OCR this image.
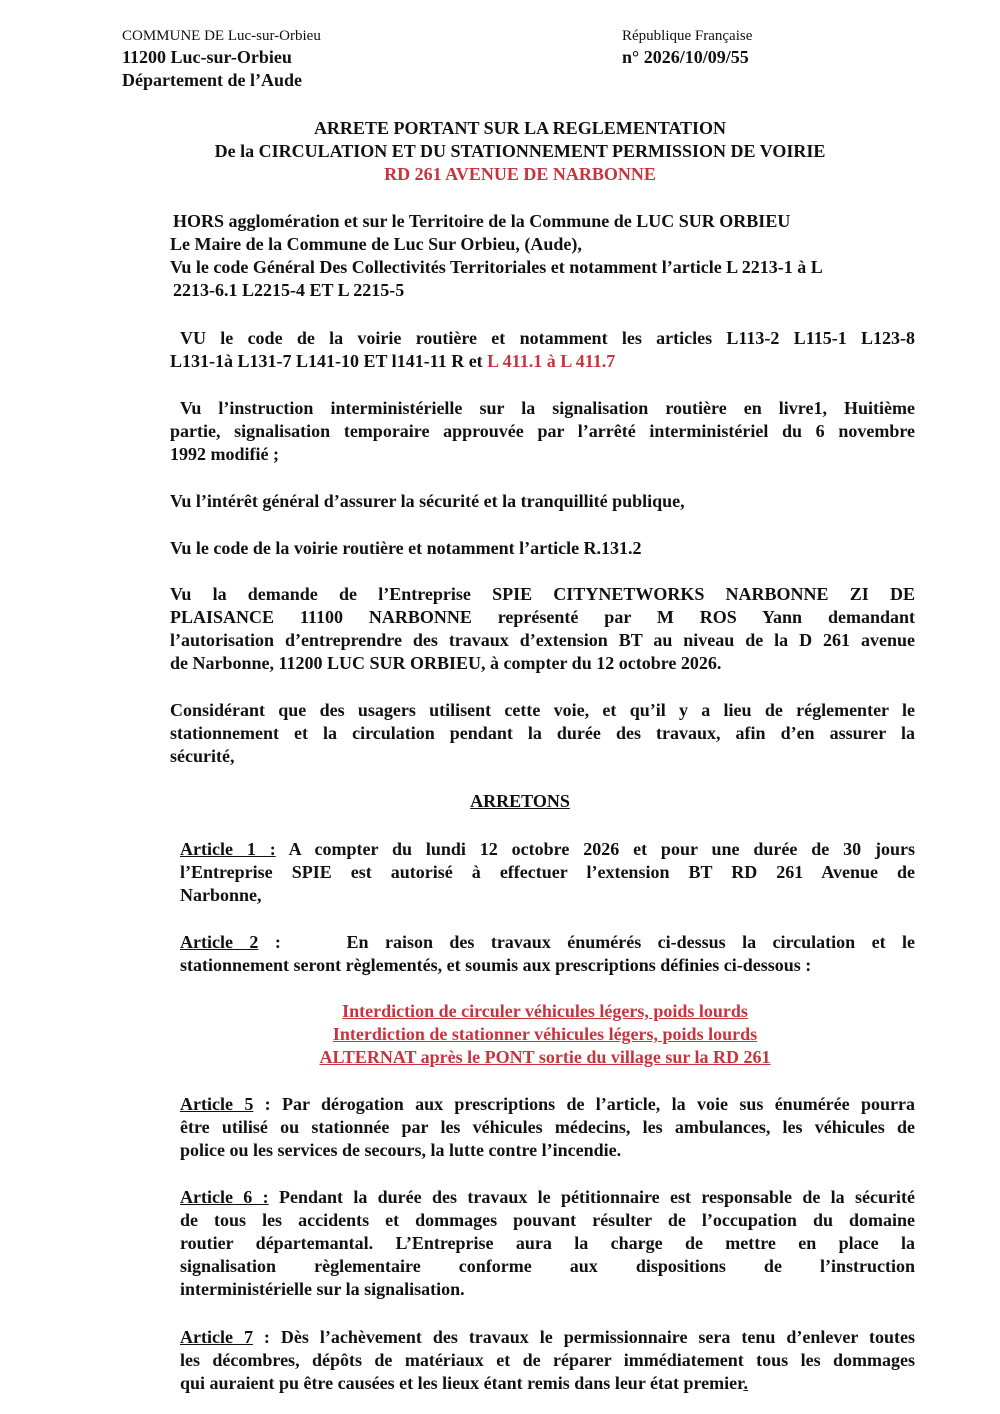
COMMUNE DE Luc-sur-Orbieu
11200 Luc-sur-Orbieu
Département de l’Aude
République Française
n° 2026/10/09/55
ARRETE PORTANT SUR LA REGLEMENTATION
De la CIRCULATION ET DU STATIONNEMENT PERMISSION DE VOIRIE
RD 261 AVENUE DE NARBONNE
HORS agglomération et sur le Territoire de la Commune de LUC SUR ORBIEU
Le Maire de la Commune de Luc Sur Orbieu, (Aude),
Vu le code Général Des Collectivités Territoriales et notamment l’article L 2213-1 à L
2213-6.1 L2215-4 ET L 2215-5
VU le code de la voirie routière et notamment les articles L113-2 L115-1 L123-8
L131-1à L131-7 L141-10 ET l141-11 R et L 411.1 à L 411.7
Vu l’instruction interministérielle sur la signalisation routière en livre1, Huitième
partie, signalisation temporaire approuvée par l’arrêté interministériel du 6 novembre
1992 modifié ;
Vu l’intérêt général d’assurer la sécurité et la tranquillité publique,
Vu le code de la voirie routière et notamment l’article R.131.2
Vu la demande de l’Entreprise SPIE CITYNETWORKS NARBONNE ZI DE
PLAISANCE 11100 NARBONNE représenté par M ROS Yann demandant
l’autorisation d’entreprendre des travaux d’extension BT au niveau de la D 261 avenue
de Narbonne, 11200 LUC SUR ORBIEU, à compter du 12 octobre 2026.
Considérant que des usagers utilisent cette voie, et qu’il y a lieu de réglementer le
stationnement et la circulation pendant la durée des travaux, afin d’en assurer la
sécurité,
ARRETONS
Article 1 : A compter du lundi 12 octobre 2026 et pour une durée de 30 jours
l’Entreprise SPIE est autorisé à effectuer l’extension BT RD 261 Avenue de
Narbonne,
Article 2 :    En raison des travaux énumérés ci-dessus la circulation et le
stationnement seront règlementés, et soumis aux prescriptions définies ci-dessous :
Interdiction de circuler véhicules légers, poids lourds
Interdiction de stationner véhicules légers, poids lourds
ALTERNAT après le PONT sortie du village sur la RD 261
Article 5 : Par dérogation aux prescriptions de l’article, la voie sus énumérée pourra
être utilisé ou stationnée par les véhicules médecins, les ambulances, les véhicules de
police ou les services de secours, la lutte contre l’incendie.
Article 6 : Pendant la durée des travaux le pétitionnaire est responsable de la sécurité
de tous les accidents et dommages pouvant résulter de l’occupation du domaine
routier départemantal. L’Entreprise aura la charge de mettre en place la
signalisation règlementaire conforme aux dispositions de l’instruction
interministérielle sur la signalisation.
Article 7 : Dès l’achèvement des travaux le permissionnaire sera tenu d’enlever toutes
les décombres, dépôts de matériaux et de réparer immédiatement tous les dommages
qui auraient pu être causées et les lieux étant remis dans leur état premier.
